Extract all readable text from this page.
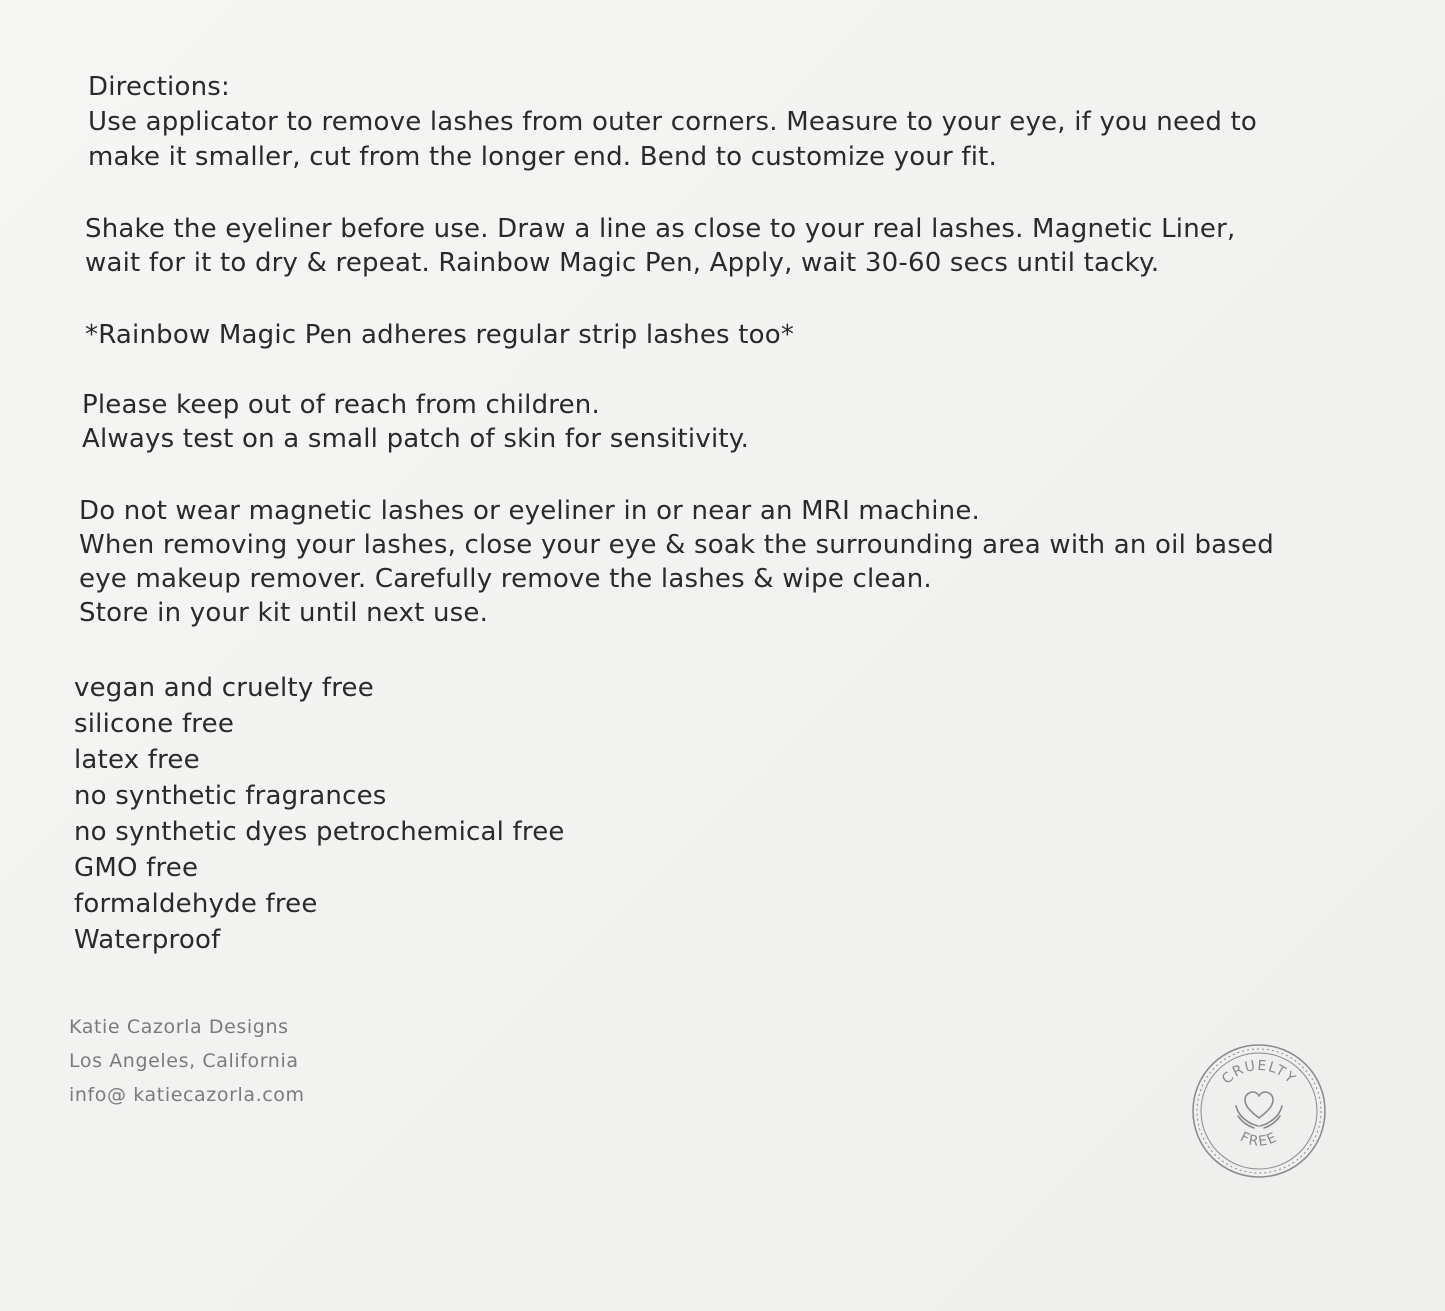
Directions:
Use applicator to remove lashes from outer corners. Measure to your eye, if you need to
make it smaller, cut from the longer end. Bend to customize your fit.
Shake the eyeliner before use. Draw a line as close to your real lashes. Magnetic Liner,
wait for it to dry & repeat. Rainbow Magic Pen, Apply, wait 30-60 secs until tacky.
*Rainbow Magic Pen adheres regular strip lashes too*
Please keep out of reach from children.
Always test on a small patch of skin for sensitivity.
Do not wear magnetic lashes or eyeliner in or near an MRI machine.
When removing your lashes, close your eye & soak the surrounding area with an oil based
eye makeup remover. Carefully remove the lashes & wipe clean.
Store in your kit until next use.
vegan and cruelty free
silicone free
latex free
no synthetic fragrances
no synthetic dyes petrochemical free
GMO free
formaldehyde free
Waterproof
Katie Cazorla Designs
Los Angeles, California
info@ katiecazorla.com
CRUELTY
FREE
